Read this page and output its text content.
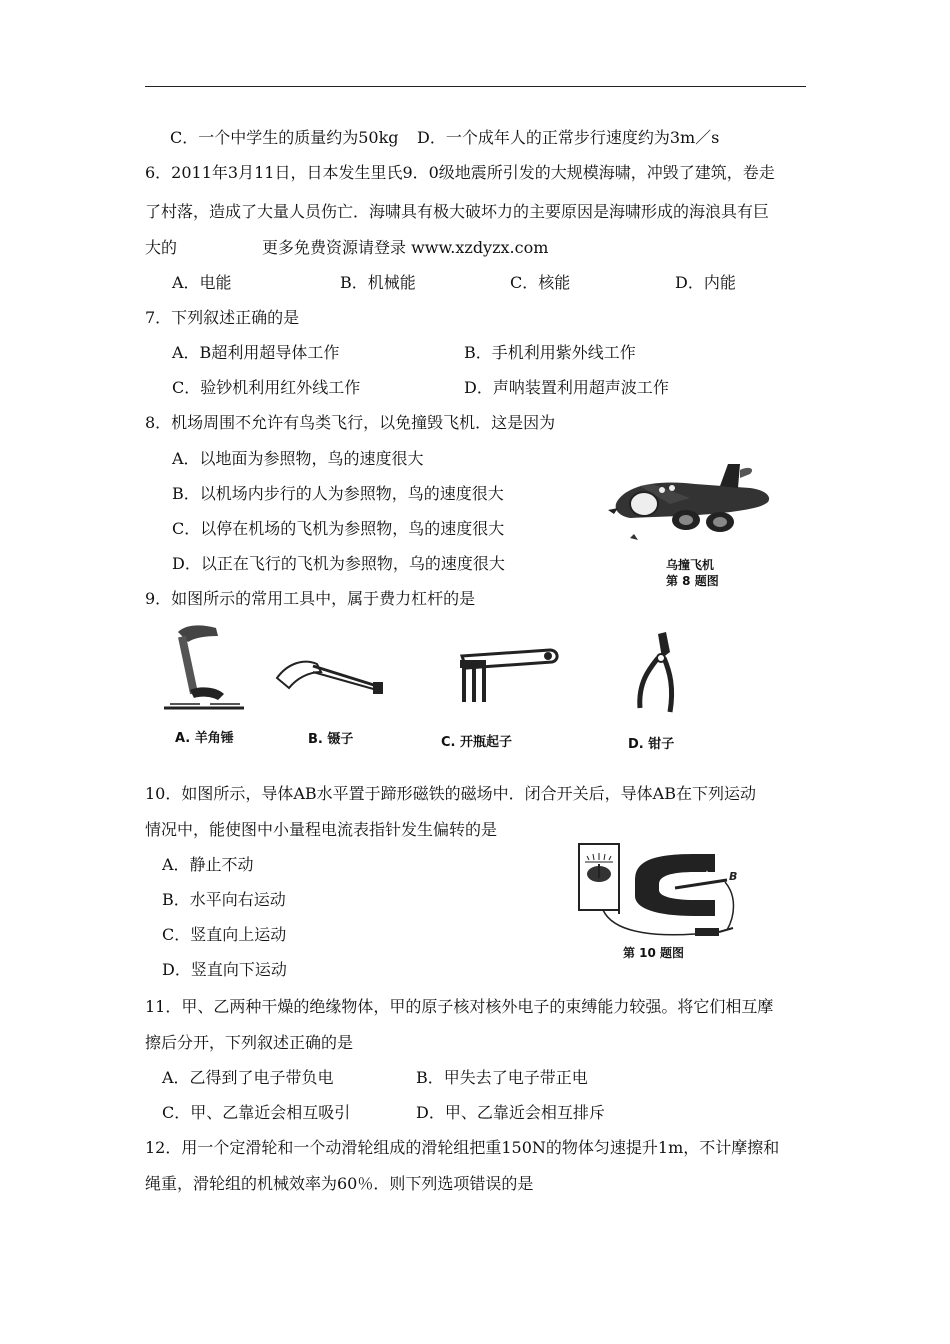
C．一个中学生的质量约为50kg D．一个成年人的正常步行速度约为3m／s
6．2011年3月11日，日本发生里氏9．0级地震所引发的大规模海啸，冲毁了建筑，卷走
了村落，造成了大量人员伤亡．海啸具有极大破坏力的主要原因是海啸形成的海浪具有巨
大的	更多免费资源请登录 www.xzdyzx.com
A．电能	B．机械能	C．核能	D．内能
7．下列叙述正确的是
A．B超利用超导体工作	B．手机利用紫外线工作
C．验钞机利用红外线工作	D．声呐装置利用超声波工作
8．机场周围不允许有鸟类飞行，以免撞毁飞机．这是因为
A．以地面为参照物，鸟的速度很大
B．以机场内步行的人为参照物，鸟的速度很大
C．以停在机场的飞机为参照物，鸟的速度很大
D．以正在飞行的飞机为参照物，乌的速度很大	乌撞飞机
第 8 题图
9．如图所示的常用工具中，属于费力杠杆的是
A. 羊角锤	B. 镊子	C. 开瓶起子	D. 钳子
10．如图所示，导体AB水平置于蹄形磁铁的磁场中．闭合开关后，导体AB在下列运动
情况中，能使图中小量程电流表指针发生偏转的是
A．静止不动
B．水平向右运动
C．竖直向上运动
D．竖直向下运动
B
第 10 题图
11．甲、乙两种干燥的绝缘物体，甲的原子核对核外电子的束缚能力较强。将它们相互摩
擦后分开，下列叙述正确的是
A．乙得到了电子带负电	B．甲失去了电子带正电
C．甲、乙靠近会相互吸引	D．甲、乙靠近会相互排斥
12．用一个定滑轮和一个动滑轮组成的滑轮组把重150N的物体匀速提升1m，不计摩擦和
绳重，滑轮组的机械效率为60％．则下列选项错误的是
